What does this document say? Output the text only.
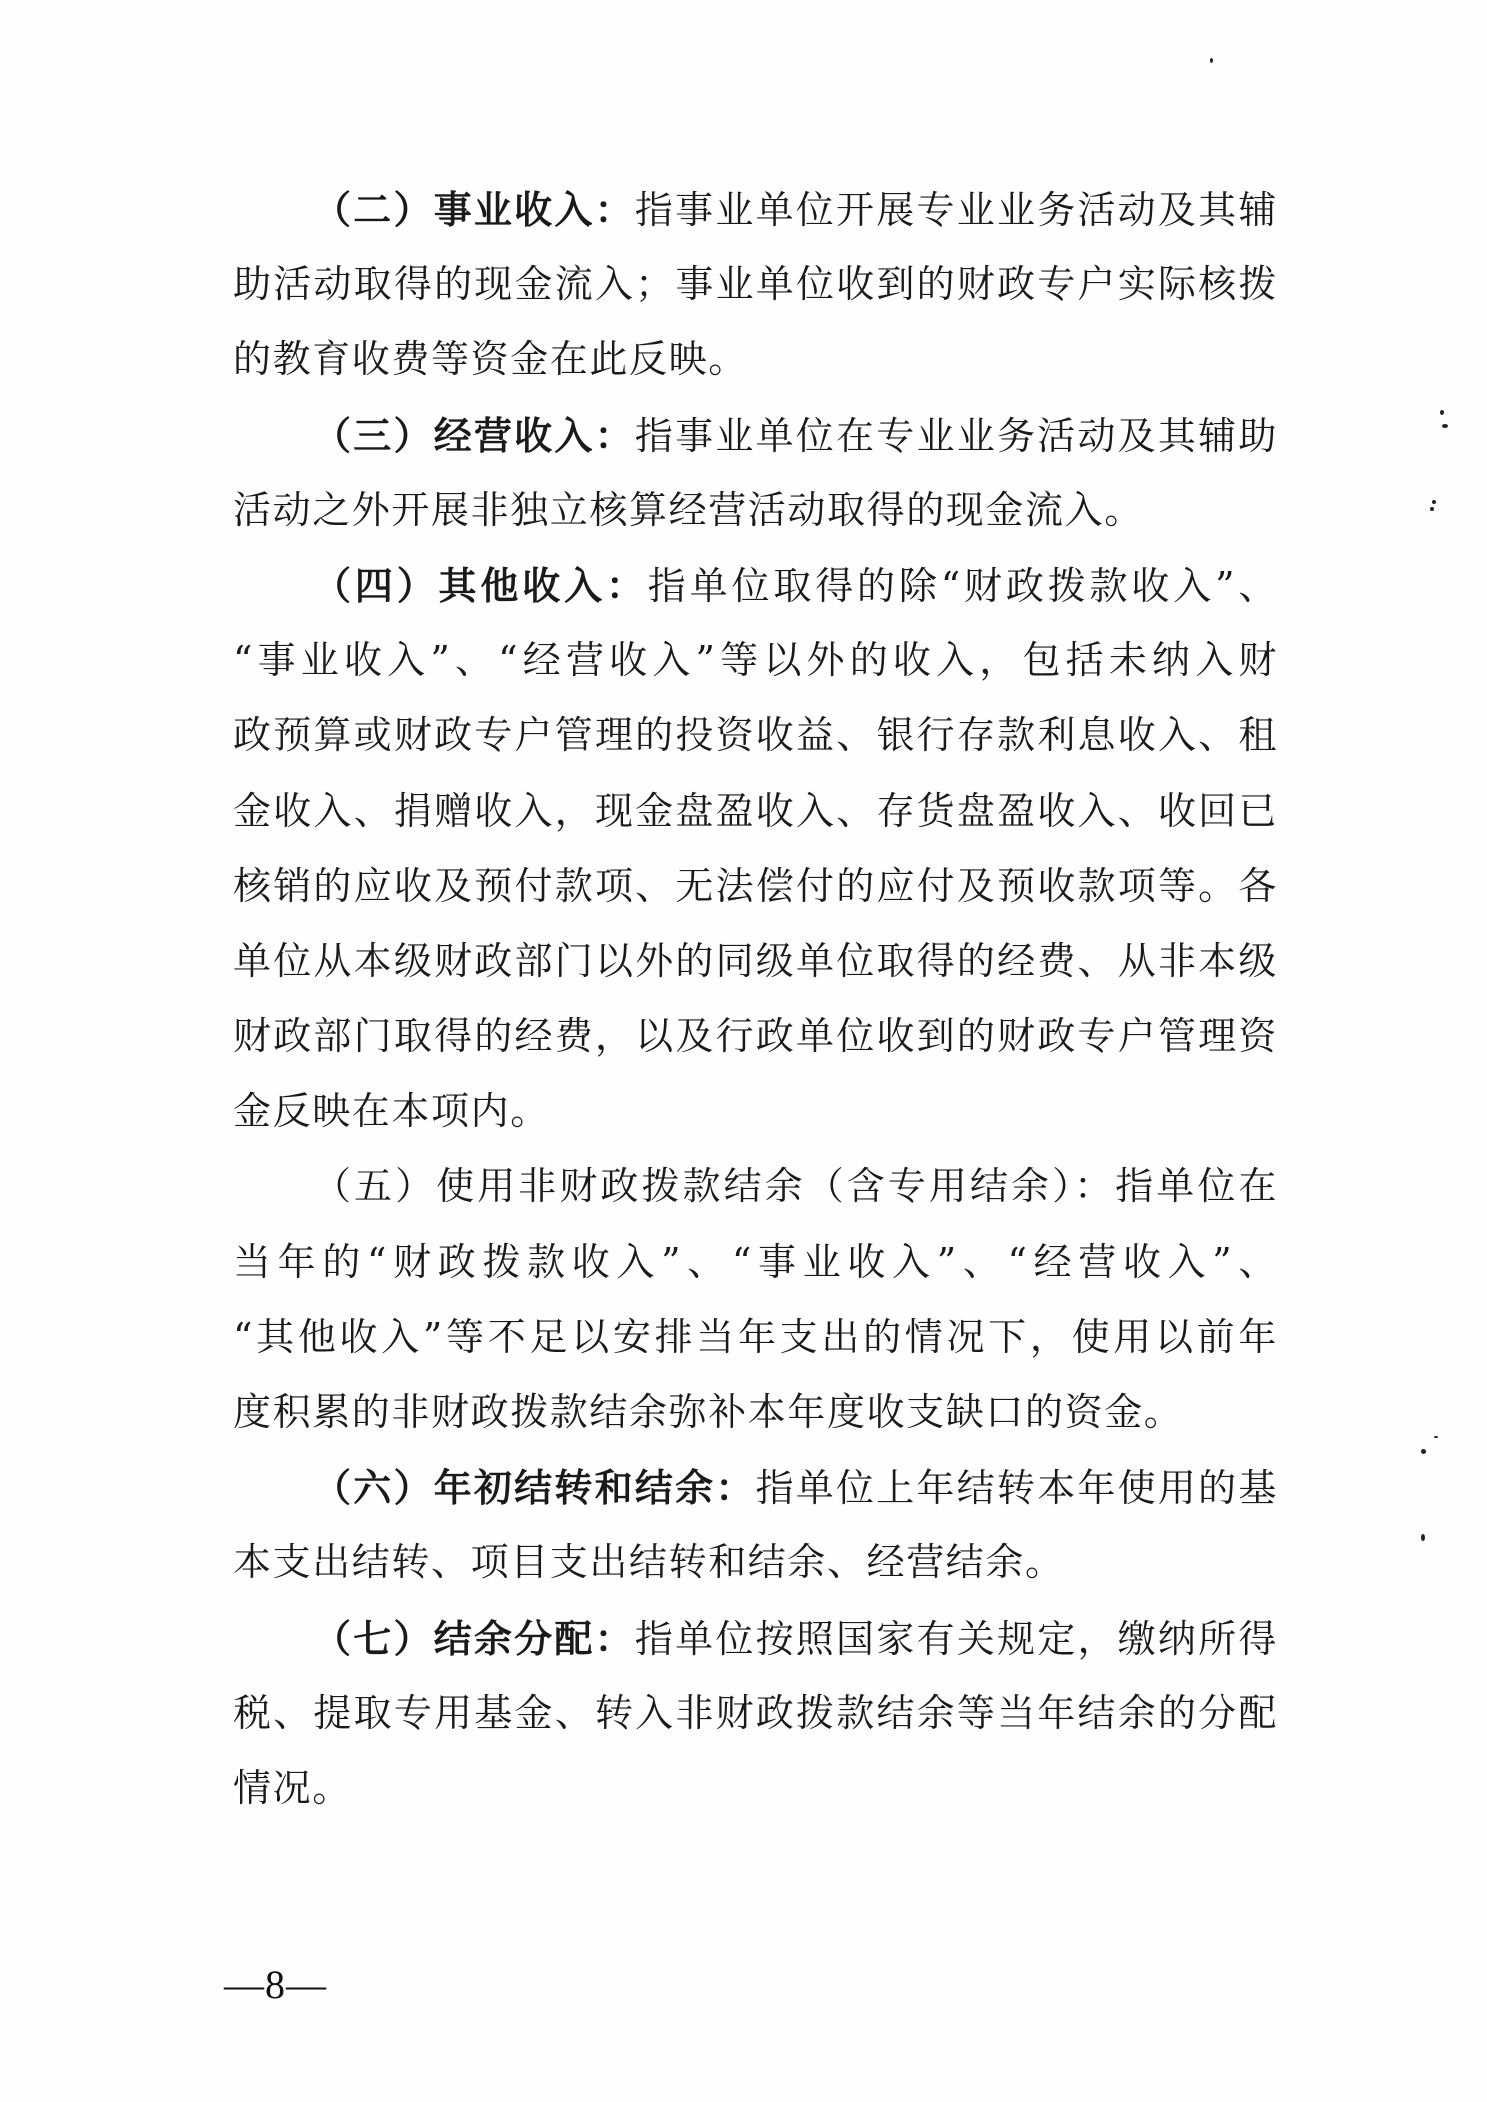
（二）事业收入：指事业单位开展专业业务活动及其辅
助活动取得的现金流入；事业单位收到的财政专户实际核拨
的教育收费等资金在此反映。
（三）经营收入：指事业单位在专业业务活动及其辅助
活动之外开展非独立核算经营活动取得的现金流入。
（四）其他收入：指单位取得的除“财政拨款收入”、
“事业收入”、“经营收入”等以外的收入，包括未纳入财
政预算或财政专户管理的投资收益、银行存款利息收入、租
金收入、捐赠收入，现金盘盈收入、存货盘盈收入、收回已
核销的应收及预付款项、无法偿付的应付及预收款项等。各
单位从本级财政部门以外的同级单位取得的经费、从非本级
财政部门取得的经费，以及行政单位收到的财政专户管理资
金反映在本项内。
（五）使用非财政拨款结余（含专用结余）：指单位在
当年的“财政拨款收入”、“事业收入”、“经营收入”、
“其他收入”等不足以安排当年支出的情况下，使用以前年
度积累的非财政拨款结余弥补本年度收支缺口的资金。
（六）年初结转和结余：指单位上年结转本年使用的基
本支出结转、项目支出结转和结余、经营结余。
（七）结余分配：指单位按照国家有关规定，缴纳所得
税、提取专用基金、转入非财政拨款结余等当年结余的分配
情况。
—8—
